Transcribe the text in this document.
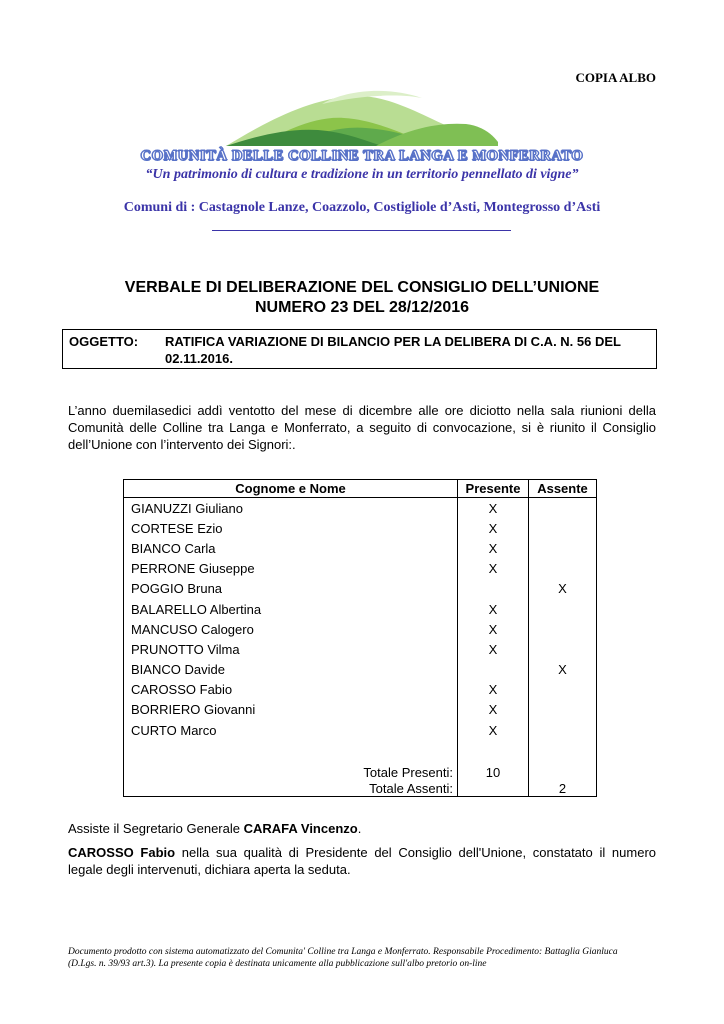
COPIA ALBO
COMUNITÀ DELLE COLLINE TRA LANGA E MONFERRATO
“Un patrimonio di cultura e tradizione in un territorio pennellato di vigne”
Comuni di : Castagnole Lanze, Coazzolo, Costigliole d’Asti, Montegrosso d’Asti
VERBALE DI DELIBERAZIONE DEL CONSIGLIO DELL’UNIONE
NUMERO 23 DEL 28/12/2016
OGGETTO: RATIFICA VARIAZIONE DI BILANCIO PER LA DELIBERA DI C.A. N. 56 DEL 02.11.2016.
L’anno duemilasedici addì ventotto del mese di dicembre alle ore diciotto nella sala riunioni della Comunità delle Colline tra Langa e Monferrato, a seguito di convocazione, si è riunito il Consiglio dell’Unione con l’intervento dei Signori:.
Cognome e Nome	Presente	Assente
GIANUZZI Giuliano	X	
CORTESE Ezio	X	
BIANCO Carla	X	
PERRONE Giuseppe	X	
POGGIO Bruna		X
BALARELLO Albertina	X	
MANCUSO Calogero	X	
PRUNOTTO Vilma	X	
BIANCO Davide		X
CAROSSO Fabio	X	
BORRIERO Giovanni	X	
CURTO Marco	X	

Totale Presenti:	10	
Totale Assenti:		2
Assiste il Segretario Generale CARAFA Vincenzo.
CAROSSO Fabio nella sua qualità di Presidente del Consiglio dell'Unione, constatato il numero legale degli intervenuti, dichiara aperta la seduta.
Documento prodotto con sistema automatizzato del Comunita' Colline tra Langa e Monferrato. Responsabile Procedimento: Battaglia Gianluca
(D.Lgs. n. 39/93 art.3). La presente copia è destinata unicamente alla pubblicazione sull'albo pretorio on-line
